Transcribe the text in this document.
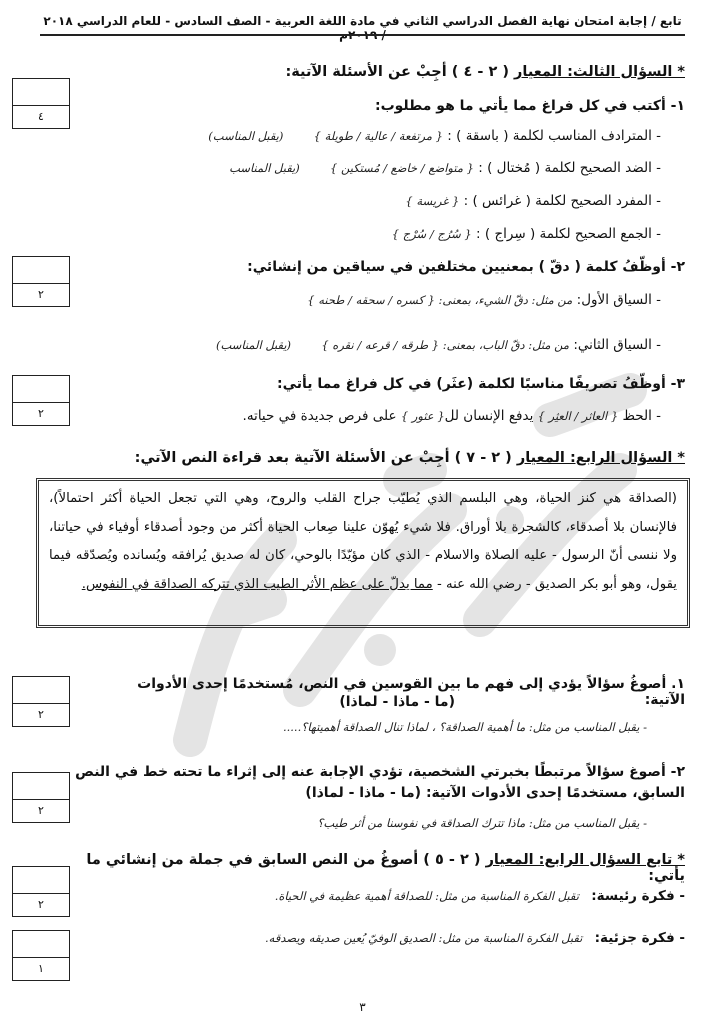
تابع / إجابة امتحان نهاية الفصل الدراسي الثاني في مادة اللغة العربية - الصف السادس - للعام الدراسي ٢٠١٨ / ٢٠١٩م
* السؤال الثالث: المعيار ( ٢ - ٤ ) أجِبْ عن الأسئلة الآتية:
٤
١- أكتب في كل فراغ مما يأتي ما هو مطلوب:
- المترادف المناسب لكلمة ( باسقة ) : { مرتفعة / عالية / طويلة } (يقبل المناسب)
- الضد الصحيح لكلمة ( مُختال ) : { متواضع / خاضع / مُستكين } (يقبل المناسب
- المفرد الصحيح لكلمة ( غرائس ) : { غريسة }
- الجمع الصحيح لكلمة ( سِراج ) : { سُرُج / سُرْج }
٢
٢- أوظّفُ كلمة ( دقّ ) بمعنيين مختلفين في سياقين من إنشائي:
- السياق الأول: من مثل: دقّ الشيء، بمعنى: { كسره / سحقه / طحنه }
- السياق الثاني: من مثل: دقّ الباب، بمعنى: { طرقه / قرعه / نقره } (يقبل المناسب)
٢
٣- أوظّفُ تصريفًا مناسبًا لكلمة (عثَر) في كل فراغ مما يأتي:
- الحظ { العاثر / العثِر } يدفع الإنسان لل{ عثور } على فرص جديدة في حياته.
* السؤال الرابع: المعيار ( ٢ - ٧ ) أجِبْ عن الأسئلة الآتية بعد قراءة النص الآتي:
(الصداقة هي كنز الحياة، وهي البلسم الذي يُطيّب جراح القلب والروح، وهي التي تجعل الحياة أكثر احتمالاً)، فالإنسان بلا أصدقاء، كالشجرة بلا أوراق. فلا شيء يُهوّن علينا صِعاب الحياة أكثر من وجود أصدقاء أوفياء في حياتنا، ولا ننسى أنّ الرسول - عليه الصلاة والاسلام - الذي كان مؤيّدًا بالوحي، كان له صديق يُرافقه ويُسانده ويُصدّقه فيما يقول، وهو أبو بكر الصديق - رضي الله عنه - مما يدلّ على عظم الأثر الطيب الذي تتركه الصداقة في النفوس.
٢
١. أصوغُ سؤالاً يؤدي إلى فهم ما بين القوسين في النص، مُستخدمًا إحدى الأدوات الآتية:
(ما - ماذا - لماذا)
- يقبل المناسب من مثل: ما أهمية الصداقة؟ ، لماذا تنال الصداقة أهميتها؟.....
٢
٢- أصوغ سؤالاً مرتبطًا بخبرتي الشخصية، تؤدي الإجابة عنه إلى إثراء ما تحته خط في النص السابق، مستخدمًا إحدى الأدوات الآتية: (ما - ماذا - لماذا)
- يقبل المناسب من مثل: ماذا تترك الصداقة في نفوسنا من أثر طيب؟
* تابع السؤال الرابع: المعيار ( ٢ - ٥ ) أصوغُ من النص السابق في جملة من إنشائي ما يأتي:
٢
- فكرة رئيسة: تقبل الفكرة المناسبة من مثل: للصداقة أهمية عظيمة في الحياة.
١
- فكرة جزئية: تقبل الفكرة المناسبة من مثل: الصديق الوفيّ يُعين صديقه ويصدقه.
٣
